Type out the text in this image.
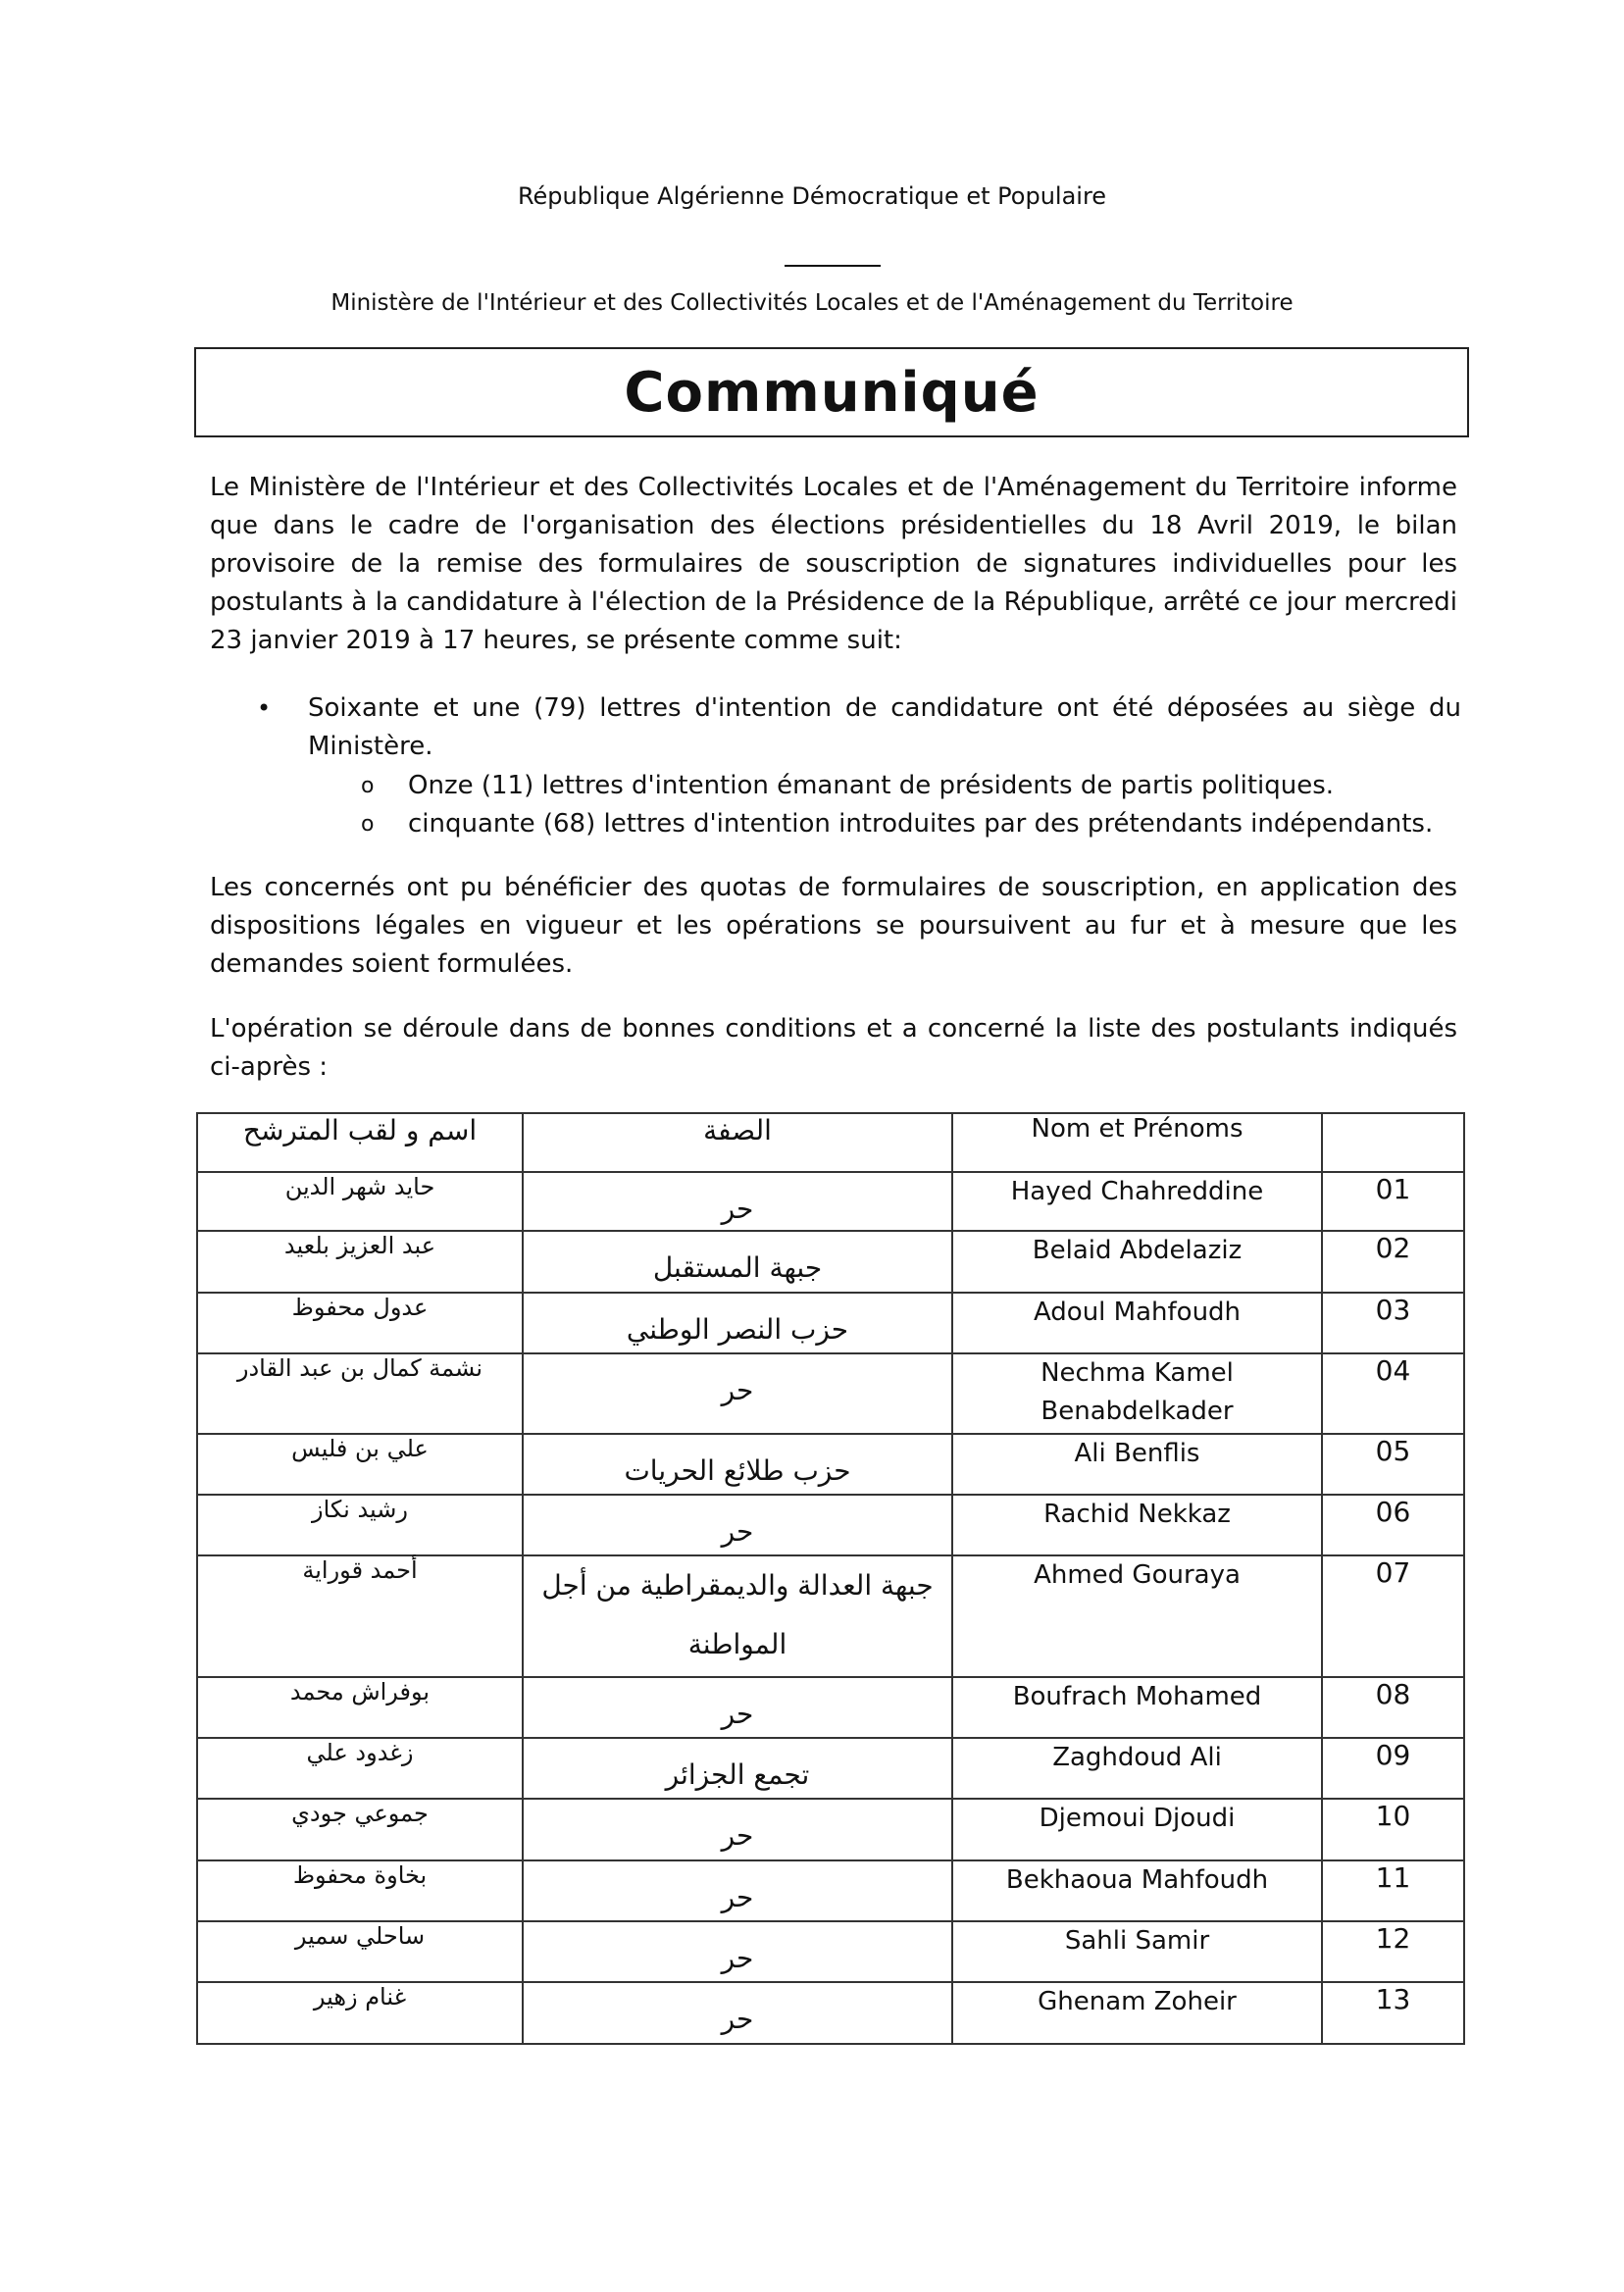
République Algérienne Démocratique et Populaire
Ministère de l'Intérieur et des Collectivités Locales et de l'Aménagement du Territoire
Communiqué
Le Ministère de l'Intérieur et des Collectivités Locales et de l'Aménagement du Territoire informe que dans le cadre de l'organisation des élections présidentielles du 18 Avril 2019, le bilan provisoire de la remise des formulaires de souscription de signatures individuelles pour les postulants à la candidature à l'élection de la Présidence de la République, arrêté ce jour mercredi 23 janvier 2019 à 17 heures, se présente comme suit:
• Soixante et une (79) lettres d'intention de candidature ont été déposées au siège du Ministère.
o Onze (11) lettres d'intention émanant de présidents de partis politiques.
o cinquante (68) lettres d'intention introduites par des prétendants indépendants.
Les concernés ont pu bénéficier des quotas de formulaires de souscription, en application des dispositions légales en vigueur et les opérations se poursuivent au fur et à mesure que les demandes soient formulées.
L'opération se déroule dans de bonnes conditions et a concerné la liste des postulants indiqués ci-après :
اسم و لقب المترشح	الصفة	Nom et Prénoms	
حايد شهر الدين	حر	Hayed Chahreddine	01
عبد العزيز بلعيد	جبهة المستقبل	Belaid Abdelaziz	02
عدول محفوظ	حزب النصر الوطني	Adoul Mahfoudh	03
نشمة كمال بن عبد القادر	حر	Nechma Kamel Benabdelkader	04
علي بن فليس	حزب طلائع الحريات	Ali Benflis	05
رشيد نكاز	حر	Rachid Nekkaz	06
أحمد قوراية	جبهة العدالة والديمقراطية من أجل المواطنة	Ahmed Gouraya	07
بوفراش محمد	حر	Boufrach Mohamed	08
زغدود علي	تجمع الجزائر	Zaghdoud Ali	09
جموعي جودي	حر	Djemoui Djoudi	10
بخاوة محفوظ	حر	Bekhaoua Mahfoudh	11
ساحلي سمير	حر	Sahli Samir	12
غنام زهير	حر	Ghenam Zoheir	13
